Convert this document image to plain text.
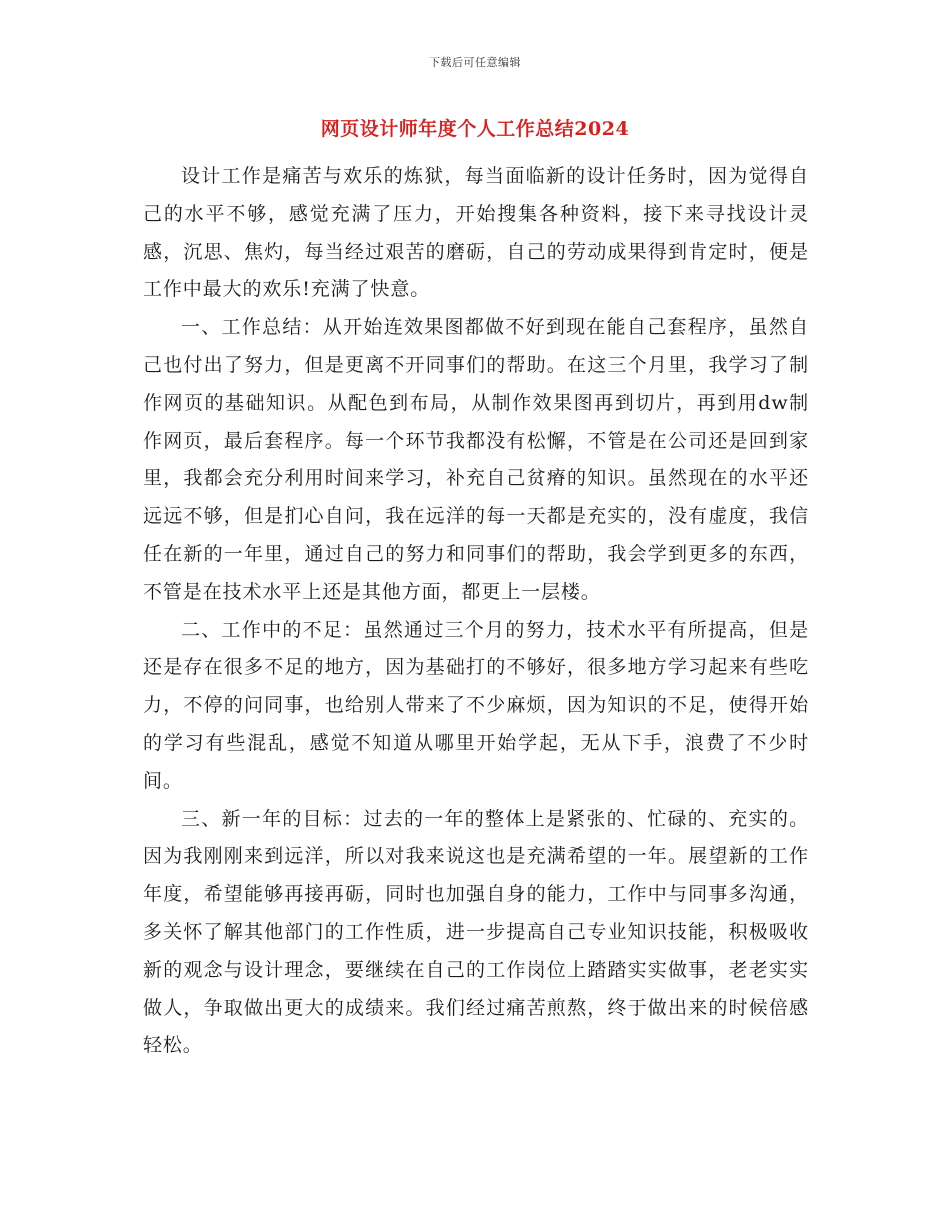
下载后可任意编辑
网页设计师年度个人工作总结2024

设计工作是痛苦与欢乐的炼狱，每当面临新的设计任务时，因为觉得自己的水平不够，感觉充满了压力，开始搜集各种资料，接下来寻找设计灵感，沉思、焦灼，每当经过艰苦的磨砺，自己的劳动成果得到肯定时，便是工作中最大的欢乐!充满了快意。

一、工作总结：从开始连效果图都做不好到现在能自己套程序，虽然自己也付出了努力，但是更离不开同事们的帮助。在这三个月里，我学习了制作网页的基础知识。从配色到布局，从制作效果图再到切片，再到用dw制作网页，最后套程序。每一个环节我都没有松懈，不管是在公司还是回到家里，我都会充分利用时间来学习，补充自己贫瘠的知识。虽然现在的水平还远远不够，但是扪心自问，我在远洋的每一天都是充实的，没有虚度，我信任在新的一年里，通过自己的努力和同事们的帮助，我会学到更多的东西，不管是在技术水平上还是其他方面，都更上一层楼。

二、工作中的不足：虽然通过三个月的努力，技术水平有所提高，但是还是存在很多不足的地方，因为基础打的不够好，很多地方学习起来有些吃力，不停的问同事，也给别人带来了不少麻烦，因为知识的不足，使得开始的学习有些混乱，感觉不知道从哪里开始学起，无从下手，浪费了不少时间。

三、新一年的目标：过去的一年的整体上是紧张的、忙碌的、充实的。因为我刚刚来到远洋，所以对我来说这也是充满希望的一年。展望新的工作年度，希望能够再接再砺，同时也加强自身的能力，工作中与同事多沟通，多关怀了解其他部门的工作性质，进一步提高自己专业知识技能，积极吸收新的观念与设计理念，要继续在自己的工作岗位上踏踏实实做事，老老实实做人，争取做出更大的成绩来。我们经过痛苦煎熬，终于做出来的时候倍感轻松。
